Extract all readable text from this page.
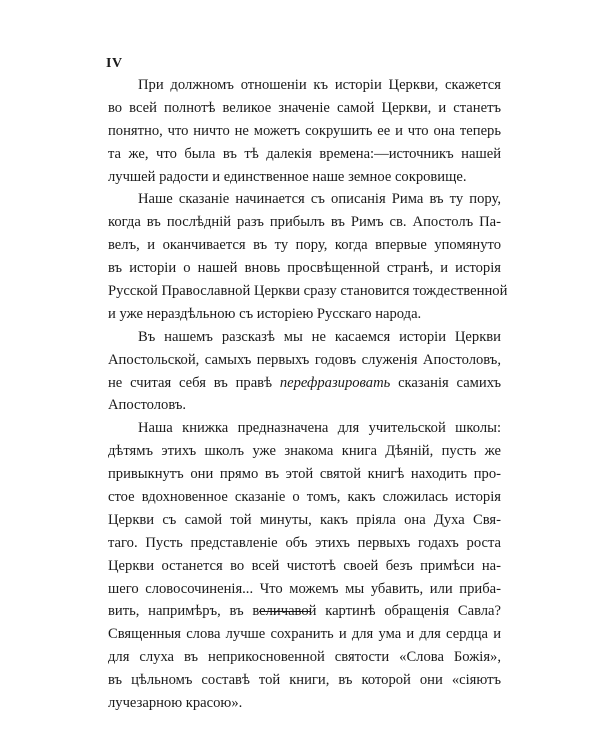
IV
При должномъ отношеніи къ исторіи Церкви, скажется
во всей полнотѣ великое значеніе самой Церкви, и станетъ
понятно, что ничто не можетъ сокрушить ее и что она теперь
та же, что была въ тѣ далекія времена:—источникъ нашей
лучшей радости и единственное наше земное сокровище.
Наше сказаніе начинается съ описанія Рима въ ту пору,
когда въ послѣдній разъ прибылъ въ Римъ св. Апостолъ Па-
велъ, и оканчивается въ ту пору, когда впервые упомянуто
въ исторіи о нашей вновь просвѣщенной странѣ, и исторія
Русской Православной Церкви сразу становится тождественной
и уже нераздѣльною съ исторіею Русскаго народа.
Въ нашемъ разсказѣ мы не касаемся исторіи Церкви
Апостольской, самыхъ первыхъ годовъ служенія Апостоловъ,
не считая себя въ правѣ перефразировать сказанія самихъ
Апостоловъ.
Наша книжка предназначена для учительской школы:
дѣтямъ этихъ школъ уже знакома книга Дѣяній, пусть же
привыкнутъ они прямо въ этой святой книгѣ находить про-
стое вдохновенное сказаніе о томъ, какъ сложилась исторія
Церкви съ самой той минуты, какъ пріяла она Духа Свя-
таго. Пусть представленіе объ этихъ первыхъ годахъ роста
Церкви останется во всей чистотѣ своей безъ примѣси на-
шего словосочиненія... Что можемъ мы убавить, или приба-
вить, напримѣръ, въ величавой картинѣ обращенія Савла?
Священныя слова лучше сохранить и для ума и для сердца и
для слуха въ неприкосновенной святости «Слова Божія»,
въ цѣльномъ составѣ той книги, въ которой они «сіяютъ
лучезарною красою».
